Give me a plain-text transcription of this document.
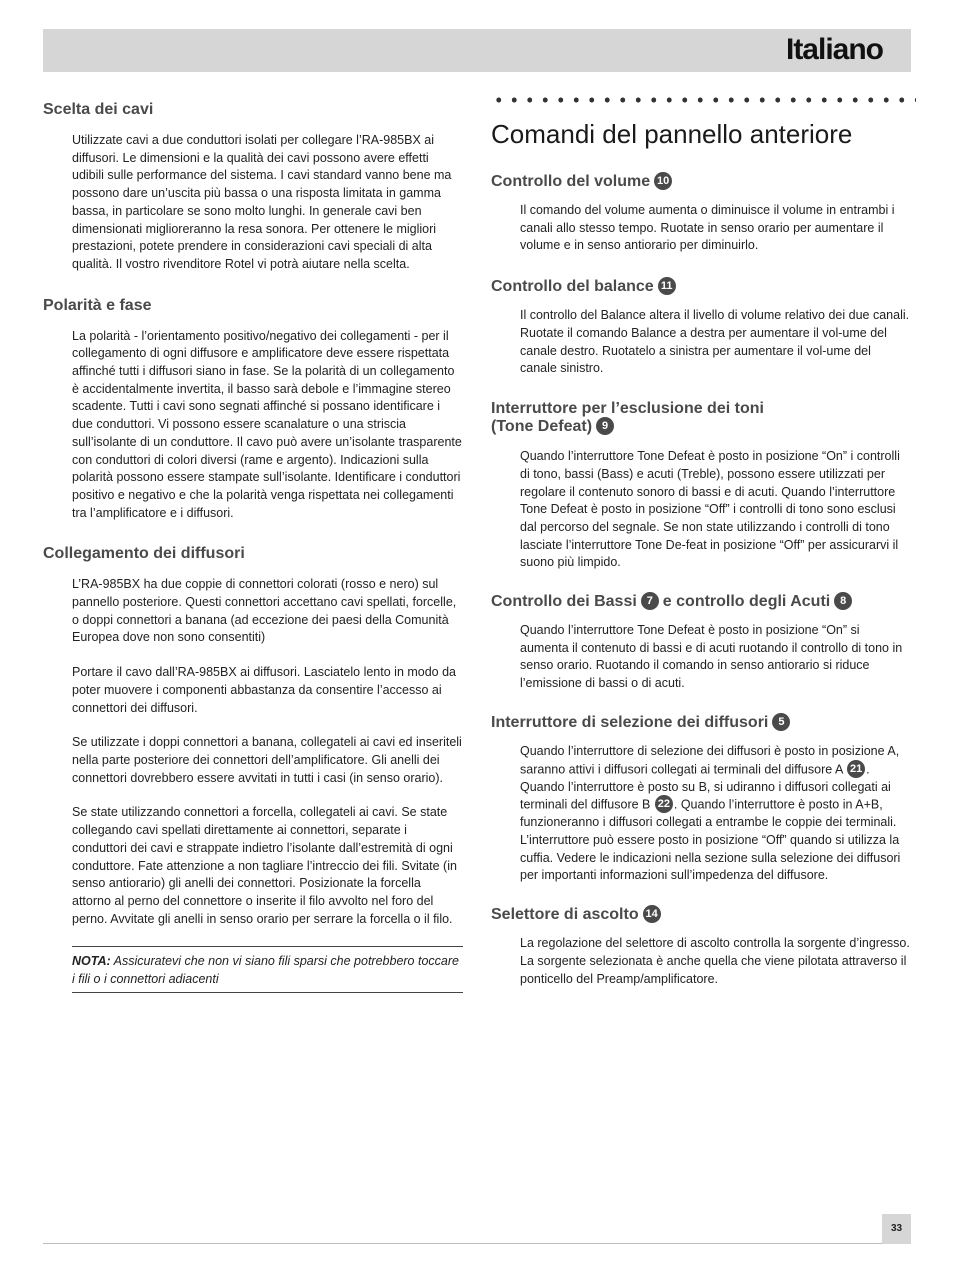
Italiano
Scelta dei cavi

Utilizzate cavi a due conduttori isolati per collegare l’RA-985BX ai diffusori. Le dimensioni e la qualità dei cavi possono avere effetti udibili sulle performance del sistema. I cavi standard vanno bene ma possono dare un’uscita più bassa o una risposta limitata in gamma bassa, in particolare se sono molto lunghi. In generale cavi ben dimensionati miglioreranno la resa sonora. Per ottenere le migliori prestazioni, potete prendere in considerazioni cavi speciali di alta qualità. Il vostro rivenditore Rotel vi potrà aiutare nella scelta.

Polarità e fase

La polarità - l’orientamento positivo/negativo dei collegamenti - per il collegamento di ogni diffusore e amplificatore deve essere rispettata affinché tutti i diffusori siano in fase. Se la polarità di un collegamento è accidentalmente invertita, il basso sarà debole e l’immagine stereo scadente. Tutti i cavi sono segnati affinché si possano identificare i due conduttori. Vi possono essere scanalature o una striscia sull’isolante di un conduttore. Il cavo può avere un’isolante trasparente con conduttori di colori diversi (rame e argento). Indicazioni sulla polarità possono essere stampate sull’isolante. Identificare i conduttori positivo e negativo e che la polarità venga rispettata nei collegamenti tra l’amplificatore e i diffusori.

Collegamento dei diffusori

L’RA-985BX ha due coppie di connettori colorati (rosso e nero) sul pannello posteriore. Questi connettori accettano cavi spellati, forcelle, o doppi connettori a banana (ad eccezione dei paesi della Comunità Europea dove non sono consentiti)

Portare il cavo dall’RA-985BX ai diffusori. Lasciatelo lento in modo da poter muovere i componenti abbastanza da consentire l’accesso ai connettori dei diffusori.

Se utilizzate i doppi connettori a banana, collegateli ai cavi ed inseriteli nella parte posteriore dei connettori dell’amplificatore. Gli anelli dei connettori dovrebbero essere avvitati in tutti i casi (in senso orario).

Se state utilizzando connettori a forcella, collegateli ai cavi. Se state collegando cavi spellati direttamente ai connettori, separate i conduttori dei cavi e strappate indietro l’isolante dall’estremità di ogni conduttore. Fate attenzione a non tagliare l’intreccio dei fili. Svitate (in senso antiorario) gli anelli dei connettori. Posizionate la forcella attorno al perno del connettore o inserite il filo avvolto nel foro del perno. Avvitate gli anelli in senso orario per serrare la forcella o il filo.

NOTA: Assicuratevi che non vi siano fili sparsi che potrebbero toccare i fili o i connettori adiacenti
Comandi del pannello anteriore
Controllo del volume 10

Il comando del volume aumenta o diminuisce il volume in entrambi i canali allo stesso tempo. Ruotate in senso orario per aumentare il volume e in senso antiorario per diminuirlo.

Controllo del balance 11

Il controllo del Balance altera il livello di volume relativo dei due canali. Ruotate il comando Balance a destra per aumentare il vol-ume del canale destro. Ruotatelo a sinistra per aumentare il vol-ume del canale sinistro.

Interruttore per l’esclusione dei toni
(Tone Defeat) 9

Quando l’interruttore Tone Defeat è posto in posizione “On” i controlli di tono, bassi (Bass) e acuti (Treble), possono essere utilizzati per regolare il contenuto sonoro di bassi e di acuti. Quando l’interruttore Tone Defeat è posto in posizione “Off” i controlli di tono sono esclusi dal percorso del segnale. Se non state utilizzando i controlli di tono lasciate l’interruttore Tone De-feat in posizione “Off” per assicurarvi il suono più limpido.

Controllo dei Bassi 7 e controllo degli Acuti 8

Quando l’interruttore Tone Defeat è posto in posizione “On” si aumenta il contenuto di bassi e di acuti ruotando il controllo di tono in senso orario. Ruotando il comando in senso antiorario si riduce l’emissione di bassi o di acuti.

Interruttore di selezione dei diffusori 5

Quando l’interruttore di selezione dei diffusori è posto in posizione A, saranno attivi i diffusori collegati ai terminali del diffusore A 21 . Quando l’interruttore è posto su B, si udiranno i diffusori collegati ai terminali del diffusore B 22 . Quando l’interruttore è posto in A+B, funzioneranno i diffusori collegati a entrambe le coppie dei terminali. L’interruttore può essere posto in posizione “Off” quando si utilizza la cuffia. Vedere le indicazioni nella sezione sulla selezione dei diffusori per importanti informazioni sull’impedenza del diffusore.

Selettore di ascolto 14

La regolazione del selettore di ascolto controlla la sorgente d’ingresso. La sorgente selezionata è anche quella che viene pilotata attraverso il ponticello del Preamp/amplificatore.

33
